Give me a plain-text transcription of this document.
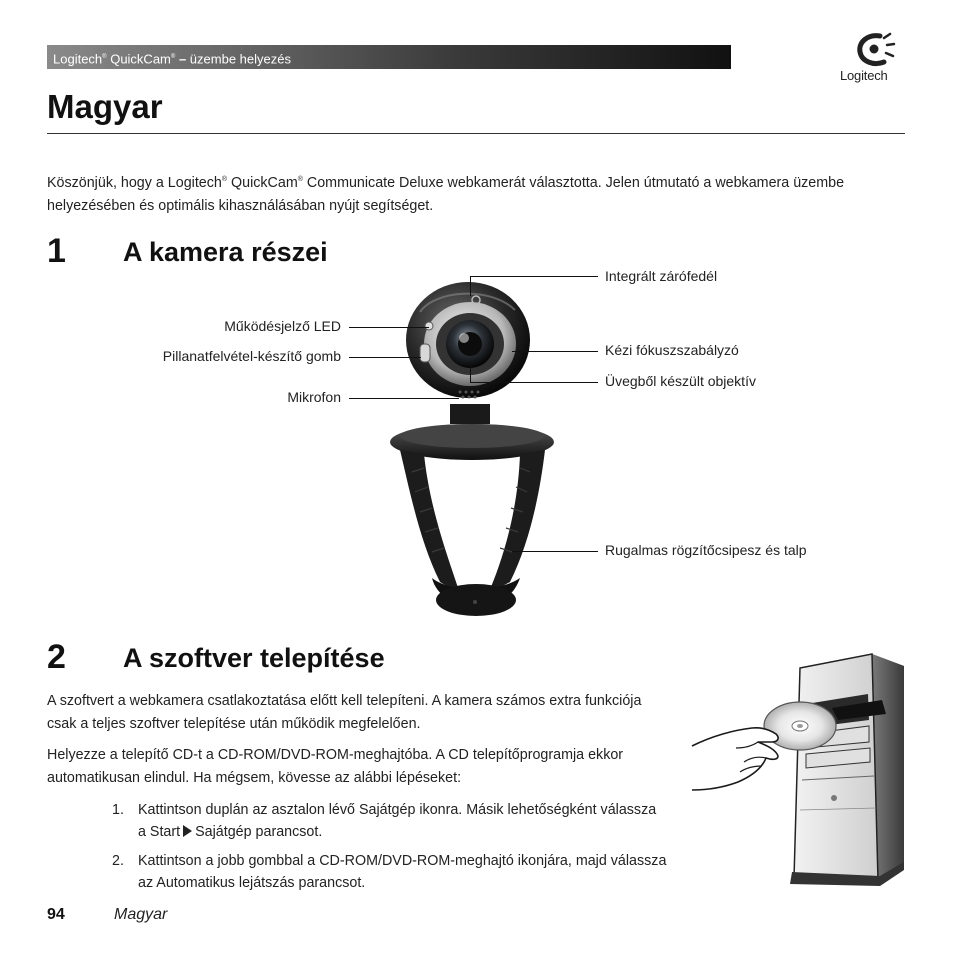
Logitech® QuickCam® – üzembe helyezés
Logitech
Magyar

Köszönjük, hogy a Logitech® QuickCam® Communicate Deluxe webkamerát választotta. Jelen útmutató a webkamera üzembe helyezésében és optimális kihasználásában nyújt segítséget.

1 A kamera részei
Integrált zárófedél
Működésjelző LED
Pillanatfelvétel-készítő gomb	Kézi fókuszszabályzó
Üvegből készült objektív
Mikrofon
Rugalmas rögzítőcsipesz és talp
2 A szoftver telepítése

A szoftvert a webkamera csatlakoztatása előtt kell telepíteni. A kamera számos extra funkciója csak a teljes szoftver telepítése után működik megfelelően.

Helyezze a telepítő CD-t a CD-ROM/DVD-ROM-meghajtóba. A CD telepítőprogramja ekkor automatikusan elindul. Ha mégsem, kövesse az alábbi lépéseket:

1. Kattintson duplán az asztalon lévő Sajátgép ikonra. Másik lehetőségként válassza a Start Sajátgép parancsot.
2. Kattintson a jobb gombbal a CD-ROM/DVD-ROM-meghajtó ikonjára, majd válassza az Automatikus lejátszás parancsot.
94	Magyar
